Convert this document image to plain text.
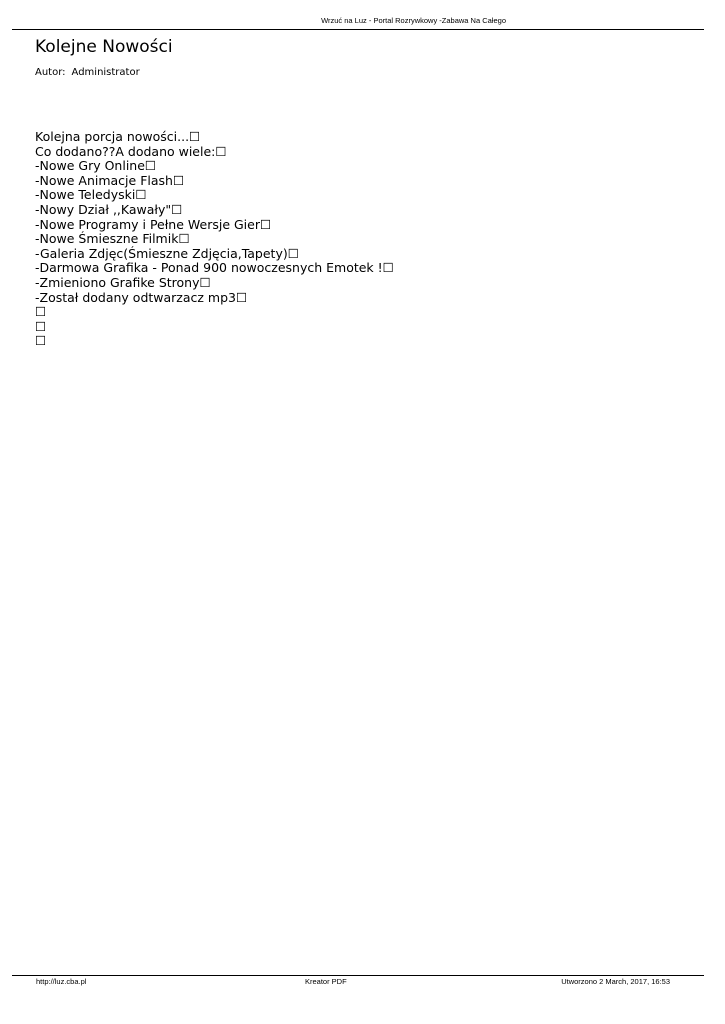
Wrzuć na Luz - Portal Rozrywkowy -Zabawa Na Całego
Kolejne Nowości
Autor: Administrator
Kolejna porcja nowości...☐
Co dodano??A dodano wiele:☐
-Nowe Gry Online☐
-Nowe Animacje Flash☐
-Nowe Teledyski☐
-Nowy Dział ,,Kawały"☐
-Nowe Programy i Pełne Wersje Gier☐
-Nowe Śmieszne Filmik☐
-Galeria Zdjęc(Śmieszne Zdjęcia,Tapety)☐
-Darmowa Grafika - Ponad 900 nowoczesnych Emotek !☐
-Zmieniono Grafike Strony☐
-Został dodany odtwarzacz mp3☐
☐
☐
☐
http://luz.cba.pl	Kreator PDF	Utworzono 2 March, 2017, 16:53
